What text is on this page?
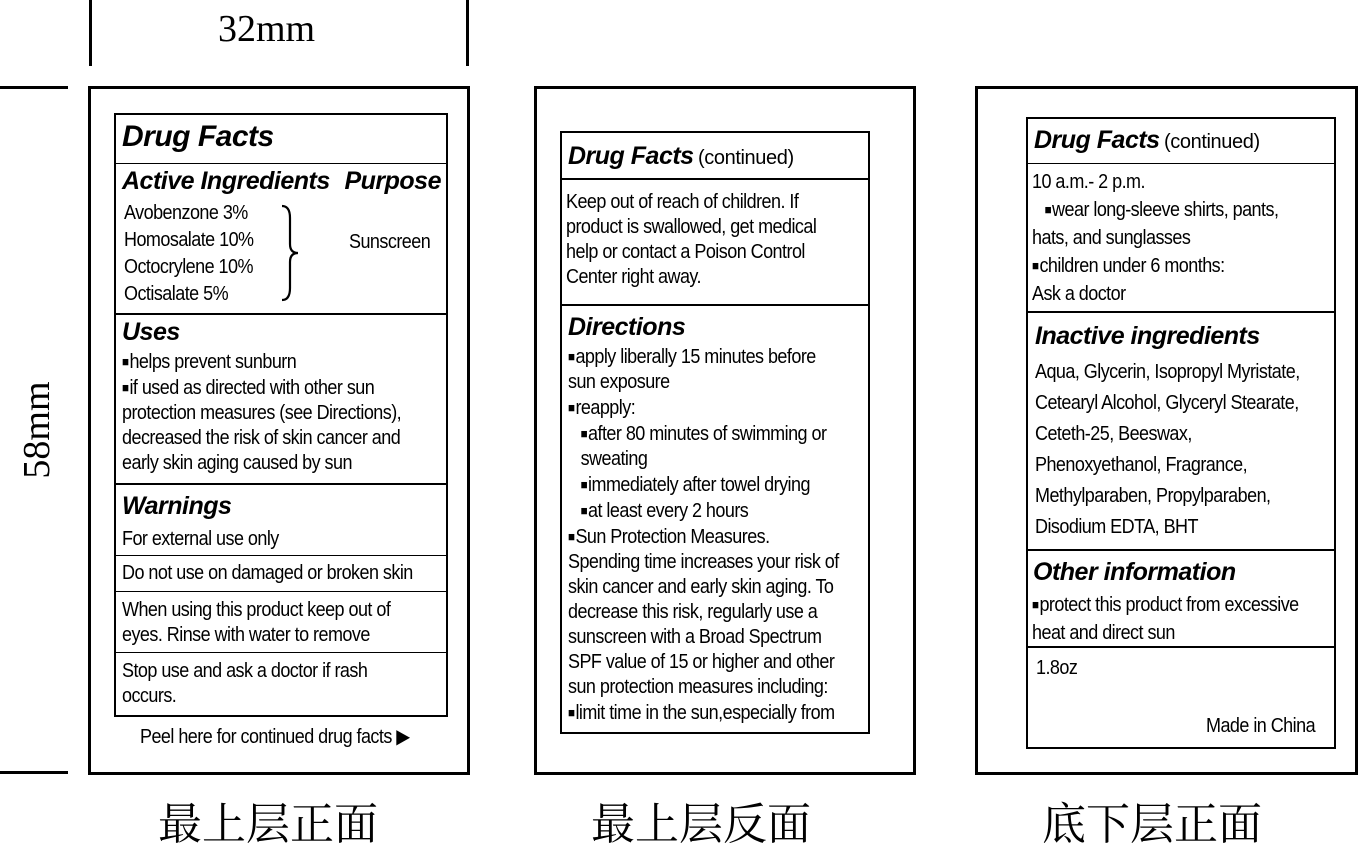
32mm
58mm
Drug Facts
Active Ingredients Purpose
Avobenzone 3%
Homosalate 10%
Octocrylene 10%
Octisalate 5%
Sunscreen
Uses
■ helps prevent sunburn
■ if used as directed with other sun
protection measures (see Directions),
decreased the risk of skin cancer and
early skin aging caused by sun
Warnings
For external use only
Do not use on damaged or broken skin
When using this product keep out of
eyes. Rinse with water to remove
Stop use and ask a doctor if rash
occurs.
Peel here for continued drug facts ▶
Drug Facts (continued)
Keep out of reach of children. If
product is swallowed, get medical
help or contact a Poison Control
Center right away.
Directions
■ apply liberally 15 minutes before
sun exposure
■ reapply:
■ after 80 minutes of swimming or
sweating
■ immediately after towel drying
■ at least every 2 hours
■ Sun Protection Measures.
Spending time increases your risk of
skin cancer and early skin aging. To
decrease this risk, regularly use a
sunscreen with a Broad Spectrum
SPF value of 15 or higher and other
sun protection measures including:
■ limit time in the sun,especially from
Drug Facts (continued)
10 a.m.- 2 p.m.
■ wear long-sleeve shirts, pants,
hats, and sunglasses
■ children under 6 months:
Ask a doctor
Inactive ingredients
Aqua, Glycerin, Isopropyl Myristate,
Cetearyl Alcohol, Glyceryl Stearate,
Ceteth-25, Beeswax,
Phenoxyethanol, Fragrance,
Methylparaben, Propylparaben,
Disodium EDTA, BHT
Other information
■ protect this product from excessive
heat and direct sun
1.8oz
Made in China
最上层正面	最上层反面	底下层正面
